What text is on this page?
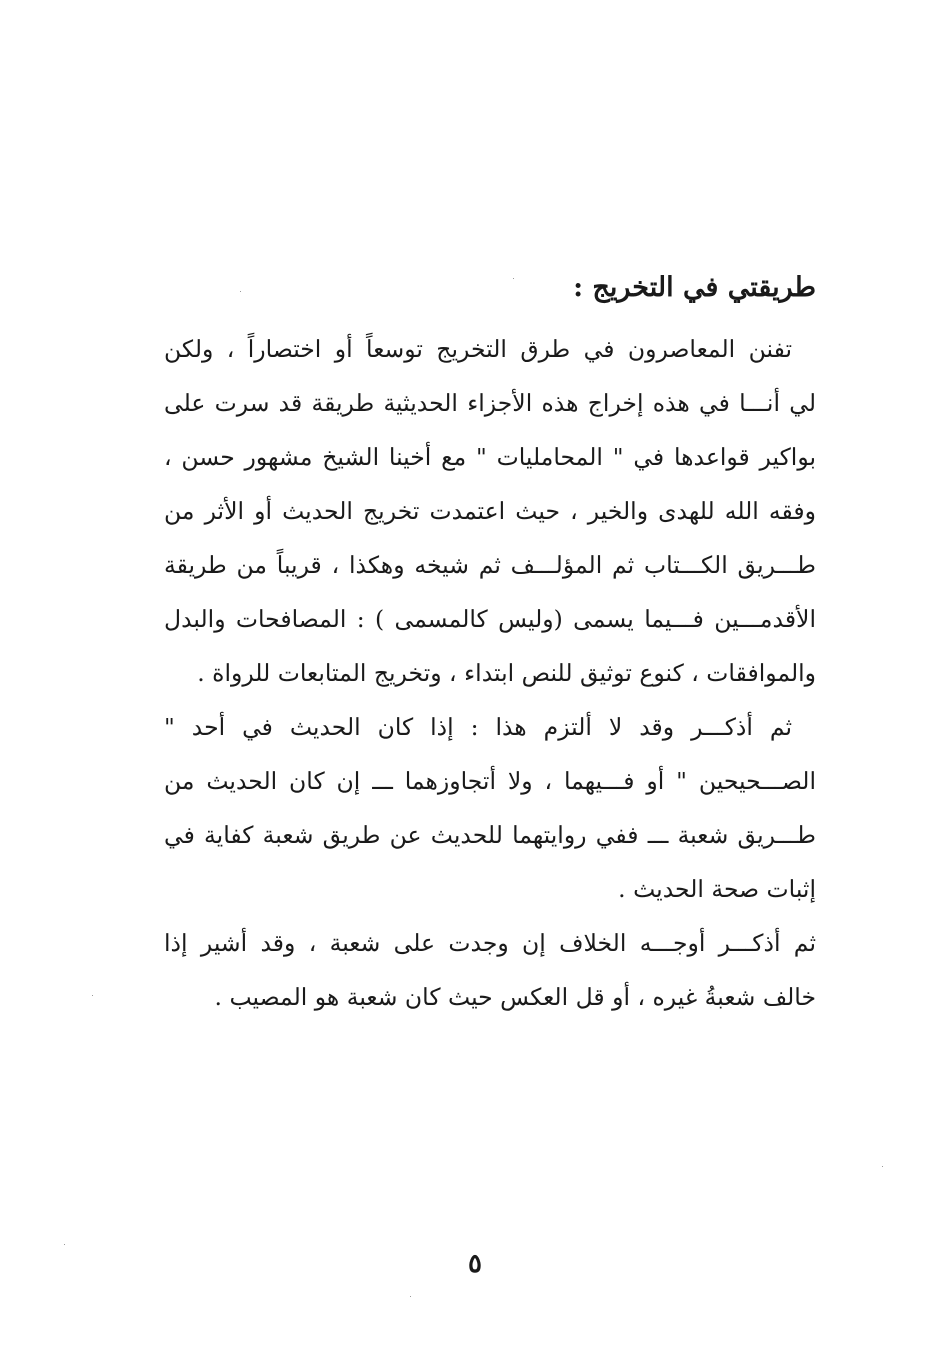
طريقتي في التخريج :
تفنن المعاصرون في طرق التخريج توسعاً أو اختصاراً ، ولكن
لي أنـــا في هذه إخراج هذه الأجزاء الحديثية طريقة قد سرت على
بواكير قواعدها في " المحامليات " مع أخينا الشيخ مشهور حسن ،
وفقه الله للهدى والخير ، حيث اعتمدت تخريج الحديث أو الأثر من
طـــريق الكـــتاب ثم المؤلـــف ثم شيخه وهكذا ، قريباً من طريقة
الأقدمـــين فـــيما يسمى (وليس كالمسمى ) : المصافحات والبدل
والموافقات ، كنوع توثيق للنص ابتداء ، وتخريج المتابعات للرواة .
ثم أذكـــر وقد لا ألتزم هذا : إذا كان الحديث في أحد "
الصـــحيحين " أو فـــيهما ، ولا أتجاوزهما ـــ إن كان الحديث من
طـــريق شعبة ـــ ففي روايتهما للحديث عن طريق شعبة كفاية في
إثبات صحة الحديث .
ثم أذكـــر أوجـــه الخلاف إن وجدت على شعبة ، وقد أشير إذا
خالف شعبةُ غيره ، أو قل العكس حيث كان شعبة هو المصيب .
٥
